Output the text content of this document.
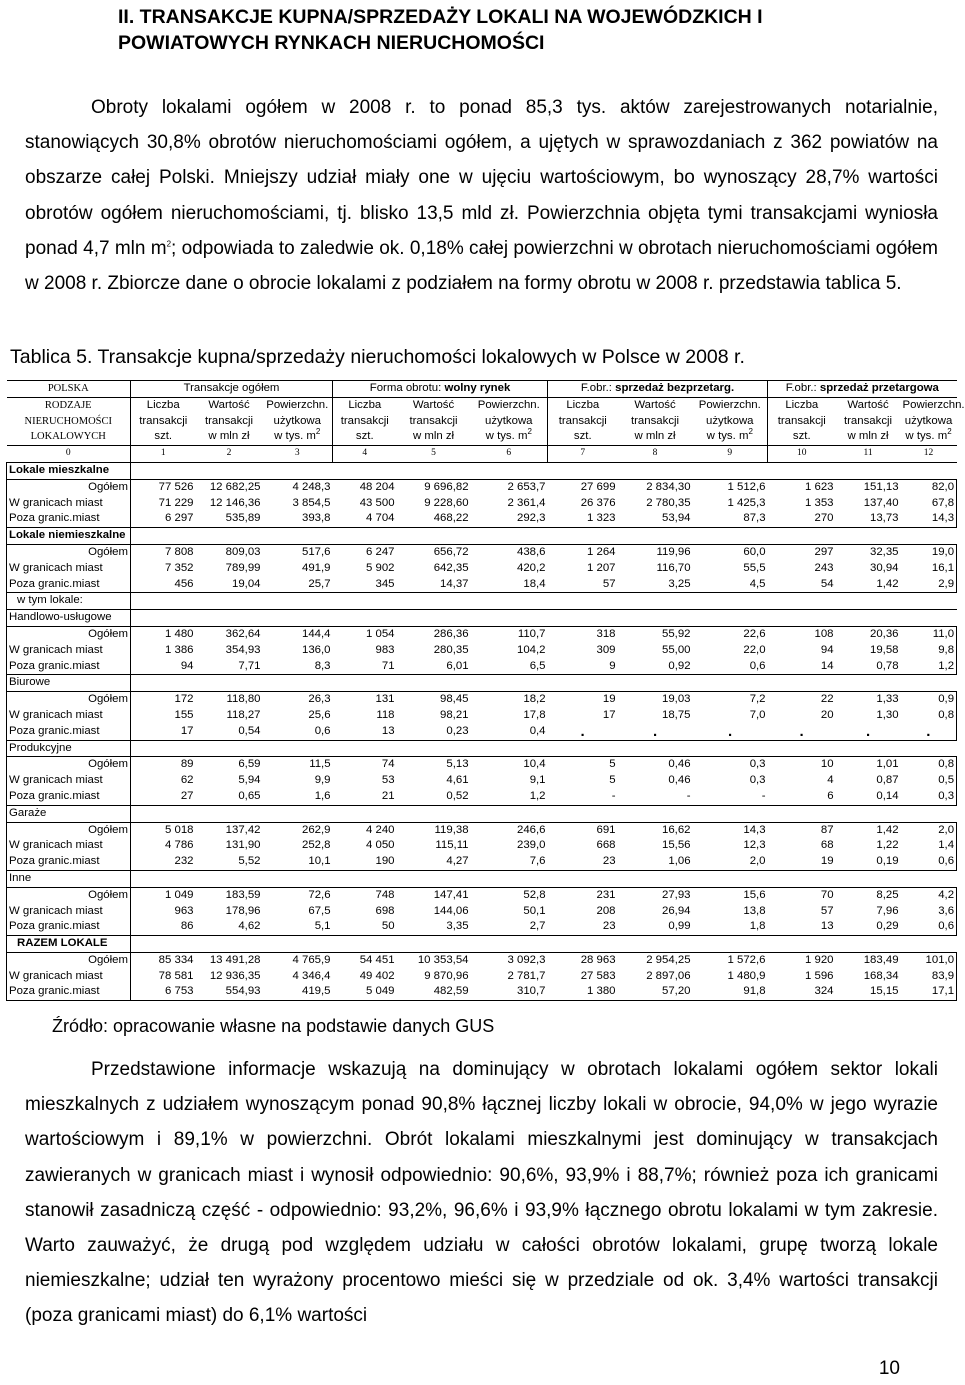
II. TRANSAKCJE KUPNA/SPRZEDAŻY LOKALI NA WOJEWÓDZKICH I
POWIATOWYCH RYNKACH NIERUCHOMOŚCI

Obroty lokalami ogółem w 2008 r. to ponad 85,3 tys. aktów zarejestrowanych notarialnie, stanowiących 30,8% obrotów nieruchomościami ogółem, a ujętych w sprawozdaniach z 362 powiatów na obszarze całej Polski. Mniejszy udział miały one w ujęciu wartościowym, bo wynoszący 28,7% wartości obrotów ogółem nieruchomościami, tj. blisko 13,5 mld zł. Powierzchnia objęta tymi transakcjami wyniosła ponad 4,7 mln $m^2$; odpowiada to zaledwie ok. 0,18% całej powierzchni w obrotach nieruchomościami ogółem w 2008 r. Zbiorcze dane o obrocie lokalami z podziałem na formy obrotu w 2008 r. przedstawia tablica 5.

Tablica 5. Transakcje kupna/sprzedaży nieruchomości lokalowych w Polsce w 2008 r.
POLSKA	Transakcje ogółem			Forma obrotu: wolny rynek			F.obr.: sprzedaż bezprzetarg.			F.obr.: sprzedaż przetargowa		
RODZAJE	Liczba	Wartość	Powierzchn.	Liczba	Wartość	Powierzchn.	Liczba	Wartość	Powierzchn.	Liczba	Wartość	Powierzchn.
NIERUCHOMOŚCI	transakcji	transakcji	użytkowa	transakcji	transakcji	użytkowa	transakcji	transakcji	użytkowa	transakcji	transakcji	użytkowa
LOKALOWYCH	szt.	w mln zł	w tys. $m^2$	szt.	w mln zł	w tys. $m^2$	szt.	w mln zł	w tys. $m^2$	szt.	w mln zł	w tys. $m^2$
0	1	2	3	4	5	6	7	8	9	10	11	12
Lokale mieszkalne												
Ogółem	77 526	12 682,25	4 248,3	48 204	9 696,82	2 653,7	27 699	2 834,30	1 512,6	1 623	151,13	82,0
W granicach miast	71 229	12 146,36	3 854,5	43 500	9 228,60	2 361,4	26 376	2 780,35	1 425,3	1 353	137,40	67,8
Poza granic.miast	6 297	535,89	393,8	4 704	468,22	292,3	1 323	53,94	87,3	270	13,73	14,3
Lokale niemieszkalne												
Ogółem	7 808	809,03	517,6	6 247	656,72	438,6	1 264	119,96	60,0	297	32,35	19,0
W granicach miast	7 352	789,99	491,9	5 902	642,35	420,2	1 207	116,70	55,5	243	30,94	16,1
Poza granic.miast	456	19,04	25,7	345	14,37	18,4	57	3,25	4,5	54	1,42	2,9
w tym lokale:												
Handlowo-usługowe												
Ogółem	1 480	362,64	144,4	1 054	286,36	110,7	318	55,92	22,6	108	20,36	11,0
W granicach miast	1 386	354,93	136,0	983	280,35	104,2	309	55,00	22,0	94	19,58	9,8
Poza granic.miast	94	7,71	8,3	71	6,01	6,5	9	0,92	0,6	14	0,78	1,2
Biurowe												
Ogółem	172	118,80	26,3	131	98,45	18,2	19	19,03	7,2	22	1,33	0,9
W granicach miast	155	118,27	25,6	118	98,21	17,8	17	18,75	7,0	20	1,30	0,8
Poza granic.miast	17	0,54	0,6	13	0,23	0,4	.	.	.	.	.	.
Produkcyjne												
Ogółem	89	6,59	11,5	74	5,13	10,4	5	0,46	0,3	10	1,01	0,8
W granicach miast	62	5,94	9,9	53	4,61	9,1	5	0,46	0,3	4	0,87	0,5
Poza granic.miast	27	0,65	1,6	21	0,52	1,2	-	-	-	6	0,14	0,3
Garaże												
Ogółem	5 018	137,42	262,9	4 240	119,38	246,6	691	16,62	14,3	87	1,42	2,0
W granicach miast	4 786	131,90	252,8	4 050	115,11	239,0	668	15,56	12,3	68	1,22	1,4
Poza granic.miast	232	5,52	10,1	190	4,27	7,6	23	1,06	2,0	19	0,19	0,6
Inne												
Ogółem	1 049	183,59	72,6	748	147,41	52,8	231	27,93	15,6	70	8,25	4,2
W granicach miast	963	178,96	67,5	698	144,06	50,1	208	26,94	13,8	57	7,96	3,6
Poza granic.miast	86	4,62	5,1	50	3,35	2,7	23	0,99	1,8	13	0,29	0,6
RAZEM LOKALE												
Ogółem	85 334	13 491,28	4 765,9	54 451	10 353,54	3 092,3	28 963	2 954,25	1 572,6	1 920	183,49	101,0
W granicach miast	78 581	12 936,35	4 346,4	49 402	9 870,96	2 781,7	27 583	2 897,06	1 480,9	1 596	168,34	83,9
Poza granic.miast	6 753	554,93	419,5	5 049	482,59	310,7	1 380	57,20	91,8	324	15,15	17,1
Źródło: opracowanie własne na podstawie danych GUS

Przedstawione informacje wskazują na dominujący w obrotach lokalami ogółem sektor lokali mieszkalnych z udziałem wynoszącym ponad 90,8% łącznej liczby lokali w obrocie, 94,0% w jego wyrazie wartościowym i 89,1% w powierzchni. Obrót lokalami mieszkalnymi jest dominujący w transakcjach zawieranych w granicach miast i wynosił odpowiednio: 90,6%, 93,9% i 88,7%; również poza ich granicami stanowił zasadniczą część - odpowiednio: 93,2%, 96,6% i 93,9% łącznego obrotu lokalami w tym zakresie. Warto zauważyć, że drugą pod względem udziału w całości obrotów lokalami, grupę tworzą lokale niemieszkalne; udział ten wyrażony procentowo mieści się w przedziale od ok. 3,4% wartości transakcji (poza granicami miast) do 6,1% wartości

10
